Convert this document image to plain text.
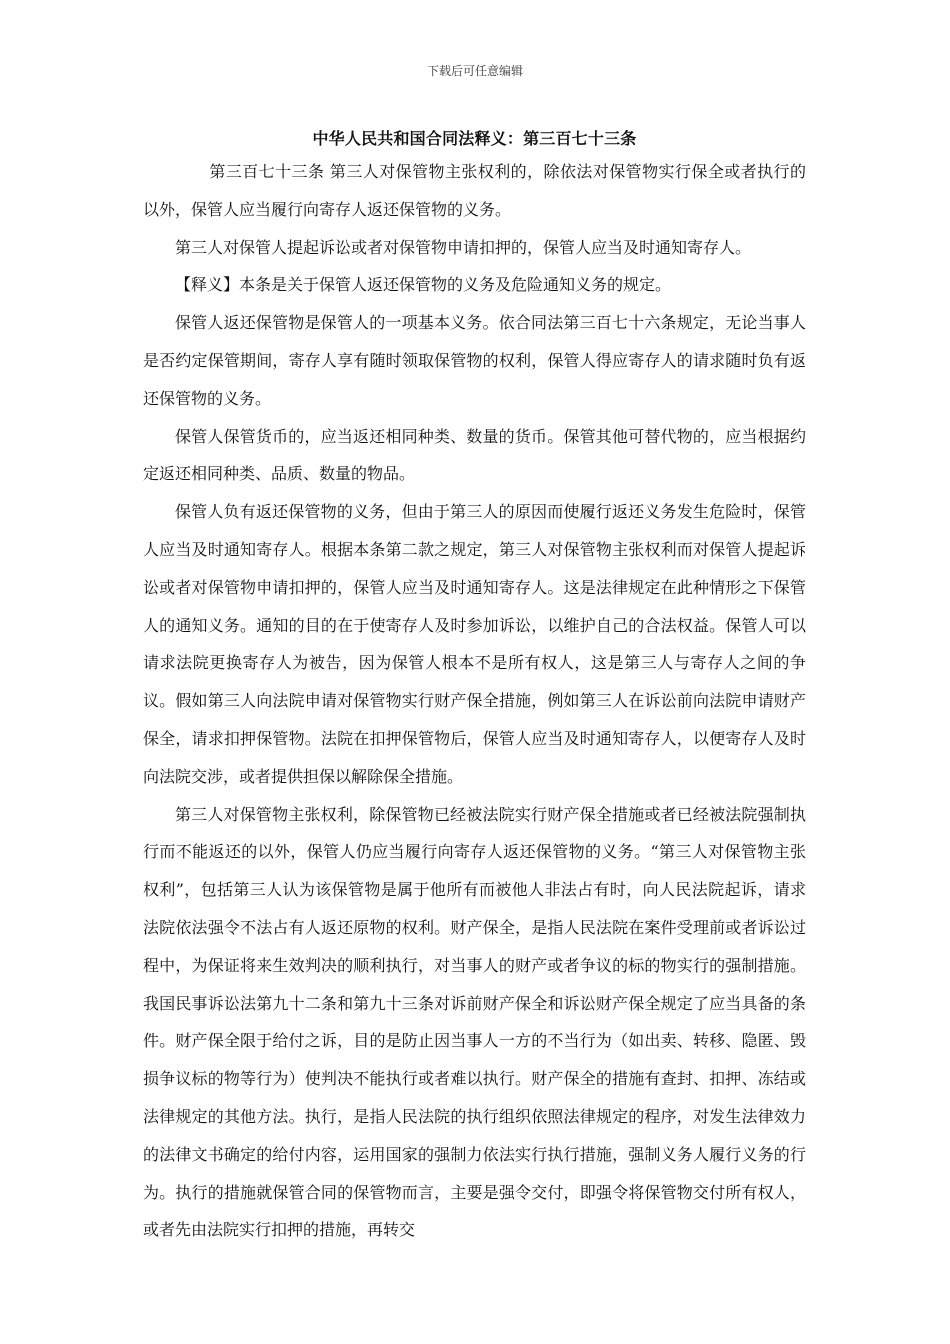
下载后可任意编辑
中华人民共和国合同法释义：第三百七十三条

第三百七十三条 第三人对保管物主张权利的，除依法对保管物实行保全或者执行的以外，保管人应当履行向寄存人返还保管物的义务。

第三人对保管人提起诉讼或者对保管物申请扣押的，保管人应当及时通知寄存人。

【释义】本条是关于保管人返还保管物的义务及危险通知义务的规定。

保管人返还保管物是保管人的一项基本义务。依合同法第三百七十六条规定，无论当事人是否约定保管期间，寄存人享有随时领取保管物的权利，保管人得应寄存人的请求随时负有返还保管物的义务。

保管人保管货币的，应当返还相同种类、数量的货币。保管其他可替代物的，应当根据约定返还相同种类、品质、数量的物品。

保管人负有返还保管物的义务，但由于第三人的原因而使履行返还义务发生危险时，保管人应当及时通知寄存人。根据本条第二款之规定，第三人对保管物主张权利而对保管人提起诉讼或者对保管物申请扣押的，保管人应当及时通知寄存人。这是法律规定在此种情形之下保管人的通知义务。通知的目的在于使寄存人及时参加诉讼，以维护自己的合法权益。保管人可以请求法院更换寄存人为被告，因为保管人根本不是所有权人，这是第三人与寄存人之间的争议。假如第三人向法院申请对保管物实行财产保全措施，例如第三人在诉讼前向法院申请财产保全，请求扣押保管物。法院在扣押保管物后，保管人应当及时通知寄存人，以便寄存人及时向法院交涉，或者提供担保以解除保全措施。

第三人对保管物主张权利，除保管物已经被法院实行财产保全措施或者已经被法院强制执行而不能返还的以外，保管人仍应当履行向寄存人返还保管物的义务。“第三人对保管物主张权利”，包括第三人认为该保管物是属于他所有而被他人非法占有时，向人民法院起诉，请求法院依法强令不法占有人返还原物的权利。财产保全，是指人民法院在案件受理前或者诉讼过程中，为保证将来生效判决的顺利执行，对当事人的财产或者争议的标的物实行的强制措施。我国民事诉讼法第九十二条和第九十三条对诉前财产保全和诉讼财产保全规定了应当具备的条件。财产保全限于给付之诉，目的是防止因当事人一方的不当行为（如出卖、转移、隐匿、毁损争议标的物等行为）使判决不能执行或者难以执行。财产保全的措施有查封、扣押、冻结或法律规定的其他方法。执行，是指人民法院的执行组织依照法律规定的程序，对发生法律效力的法律文书确定的给付内容，运用国家的强制力依法实行执行措施，强制义务人履行义务的行为。执行的措施就保管合同的保管物而言，主要是强令交付，即强令将保管物交付所有权人，或者先由法院实行扣押的措施，再转交
